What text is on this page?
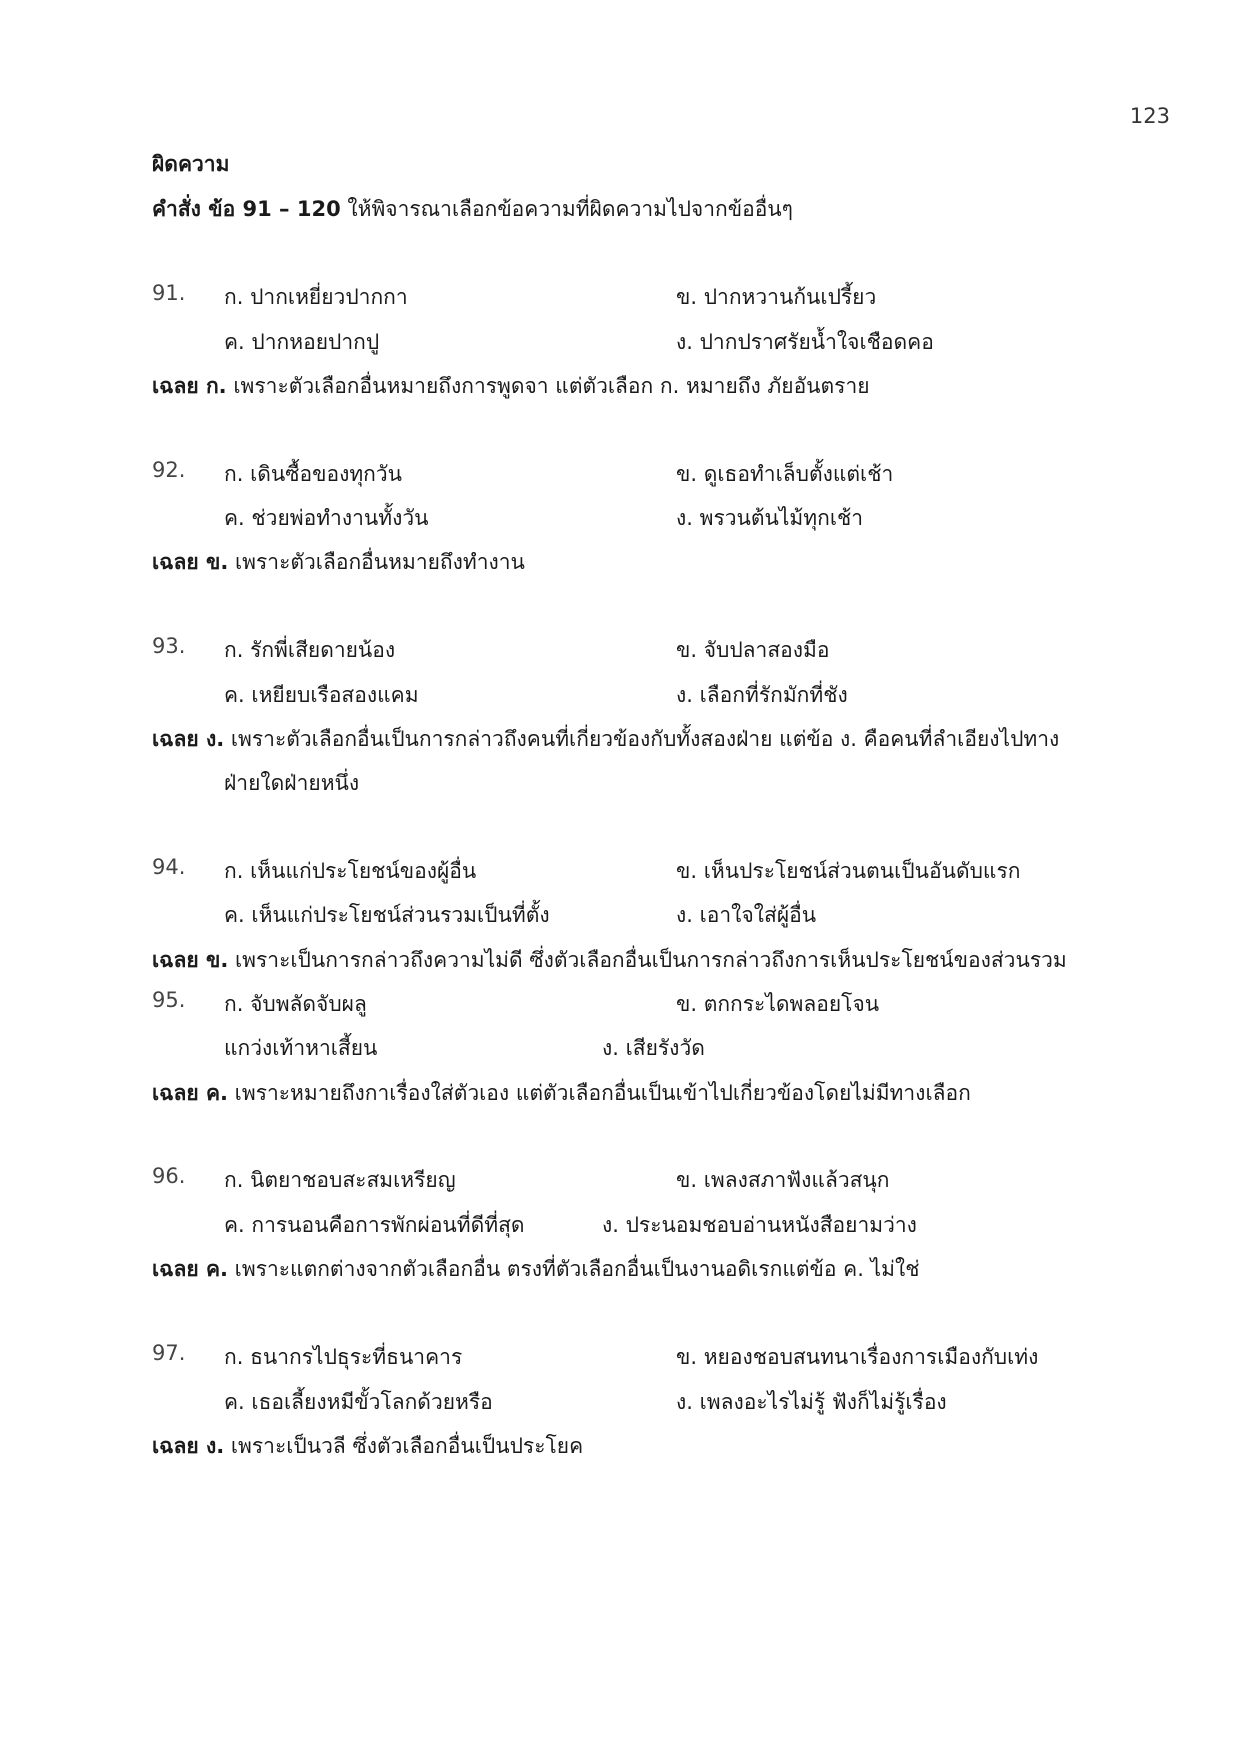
123
ผิดความ
คำสั่ง ข้อ 91 – 120 ให้พิจารณาเลือกข้อความที่ผิดความไปจากข้ออื่นๆ
91. ก. ปากเหยี่ยวปากกา	ข. ปากหวานก้นเปรี้ยว
ค. ปากหอยปากปู	ง. ปากปราศรัยน้ำใจเชือดคอ
เฉลย ก. เพราะตัวเลือกอื่นหมายถึงการพูดจา แต่ตัวเลือก ก. หมายถึง ภัยอันตราย
92. ก. เดินซื้อของทุกวัน	ข. ดูเธอทำเล็บตั้งแต่เช้า
ค. ช่วยพ่อทำงานทั้งวัน	ง. พรวนต้นไม้ทุกเช้า
เฉลย ข. เพราะตัวเลือกอื่นหมายถึงทำงาน
93. ก. รักพี่เสียดายน้อง	ข. จับปลาสองมือ
ค. เหยียบเรือสองแคม	ง. เลือกที่รักมักที่ชัง
เฉลย ง. เพราะตัวเลือกอื่นเป็นการกล่าวถึงคนที่เกี่ยวข้องกับทั้งสองฝ่าย แต่ข้อ ง. คือคนที่ลำเอียงไปทาง
ฝ่ายใดฝ่ายหนึ่ง
94. ก. เห็นแก่ประโยชน์ของผู้อื่น	ข. เห็นประโยชน์ส่วนตนเป็นอันดับแรก
ค. เห็นแก่ประโยชน์ส่วนรวมเป็นที่ตั้ง	ง. เอาใจใส่ผู้อื่น
เฉลย ข. เพราะเป็นการกล่าวถึงความไม่ดี ซึ่งตัวเลือกอื่นเป็นการกล่าวถึงการเห็นประโยชน์ของส่วนรวม
95. ก. จับพลัดจับผลู	ข. ตกกระไดพลอยโจน
แกว่งเท้าหาเสี้ยน	ง. เสียรังวัด
เฉลย ค. เพราะหมายถึงกาเรื่องใส่ตัวเอง แต่ตัวเลือกอื่นเป็นเข้าไปเกี่ยวข้องโดยไม่มีทางเลือก
96. ก. นิตยาชอบสะสมเหรียญ	ข. เพลงสภาฟังแล้วสนุก
ค. การนอนคือการพักผ่อนที่ดีที่สุด	ง. ประนอมชอบอ่านหนังสือยามว่าง
เฉลย ค. เพราะแตกต่างจากตัวเลือกอื่น ตรงที่ตัวเลือกอื่นเป็นงานอดิเรกแต่ข้อ ค. ไม่ใช่
97. ก. ธนากรไปธุระที่ธนาคาร	ข. หยองชอบสนทนาเรื่องการเมืองกับเท่ง
ค. เธอเลี้ยงหมีขั้วโลกด้วยหรือ	ง. เพลงอะไรไม่รู้ ฟังก็ไม่รู้เรื่อง
เฉลย ง. เพราะเป็นวลี ซึ่งตัวเลือกอื่นเป็นประโยค
